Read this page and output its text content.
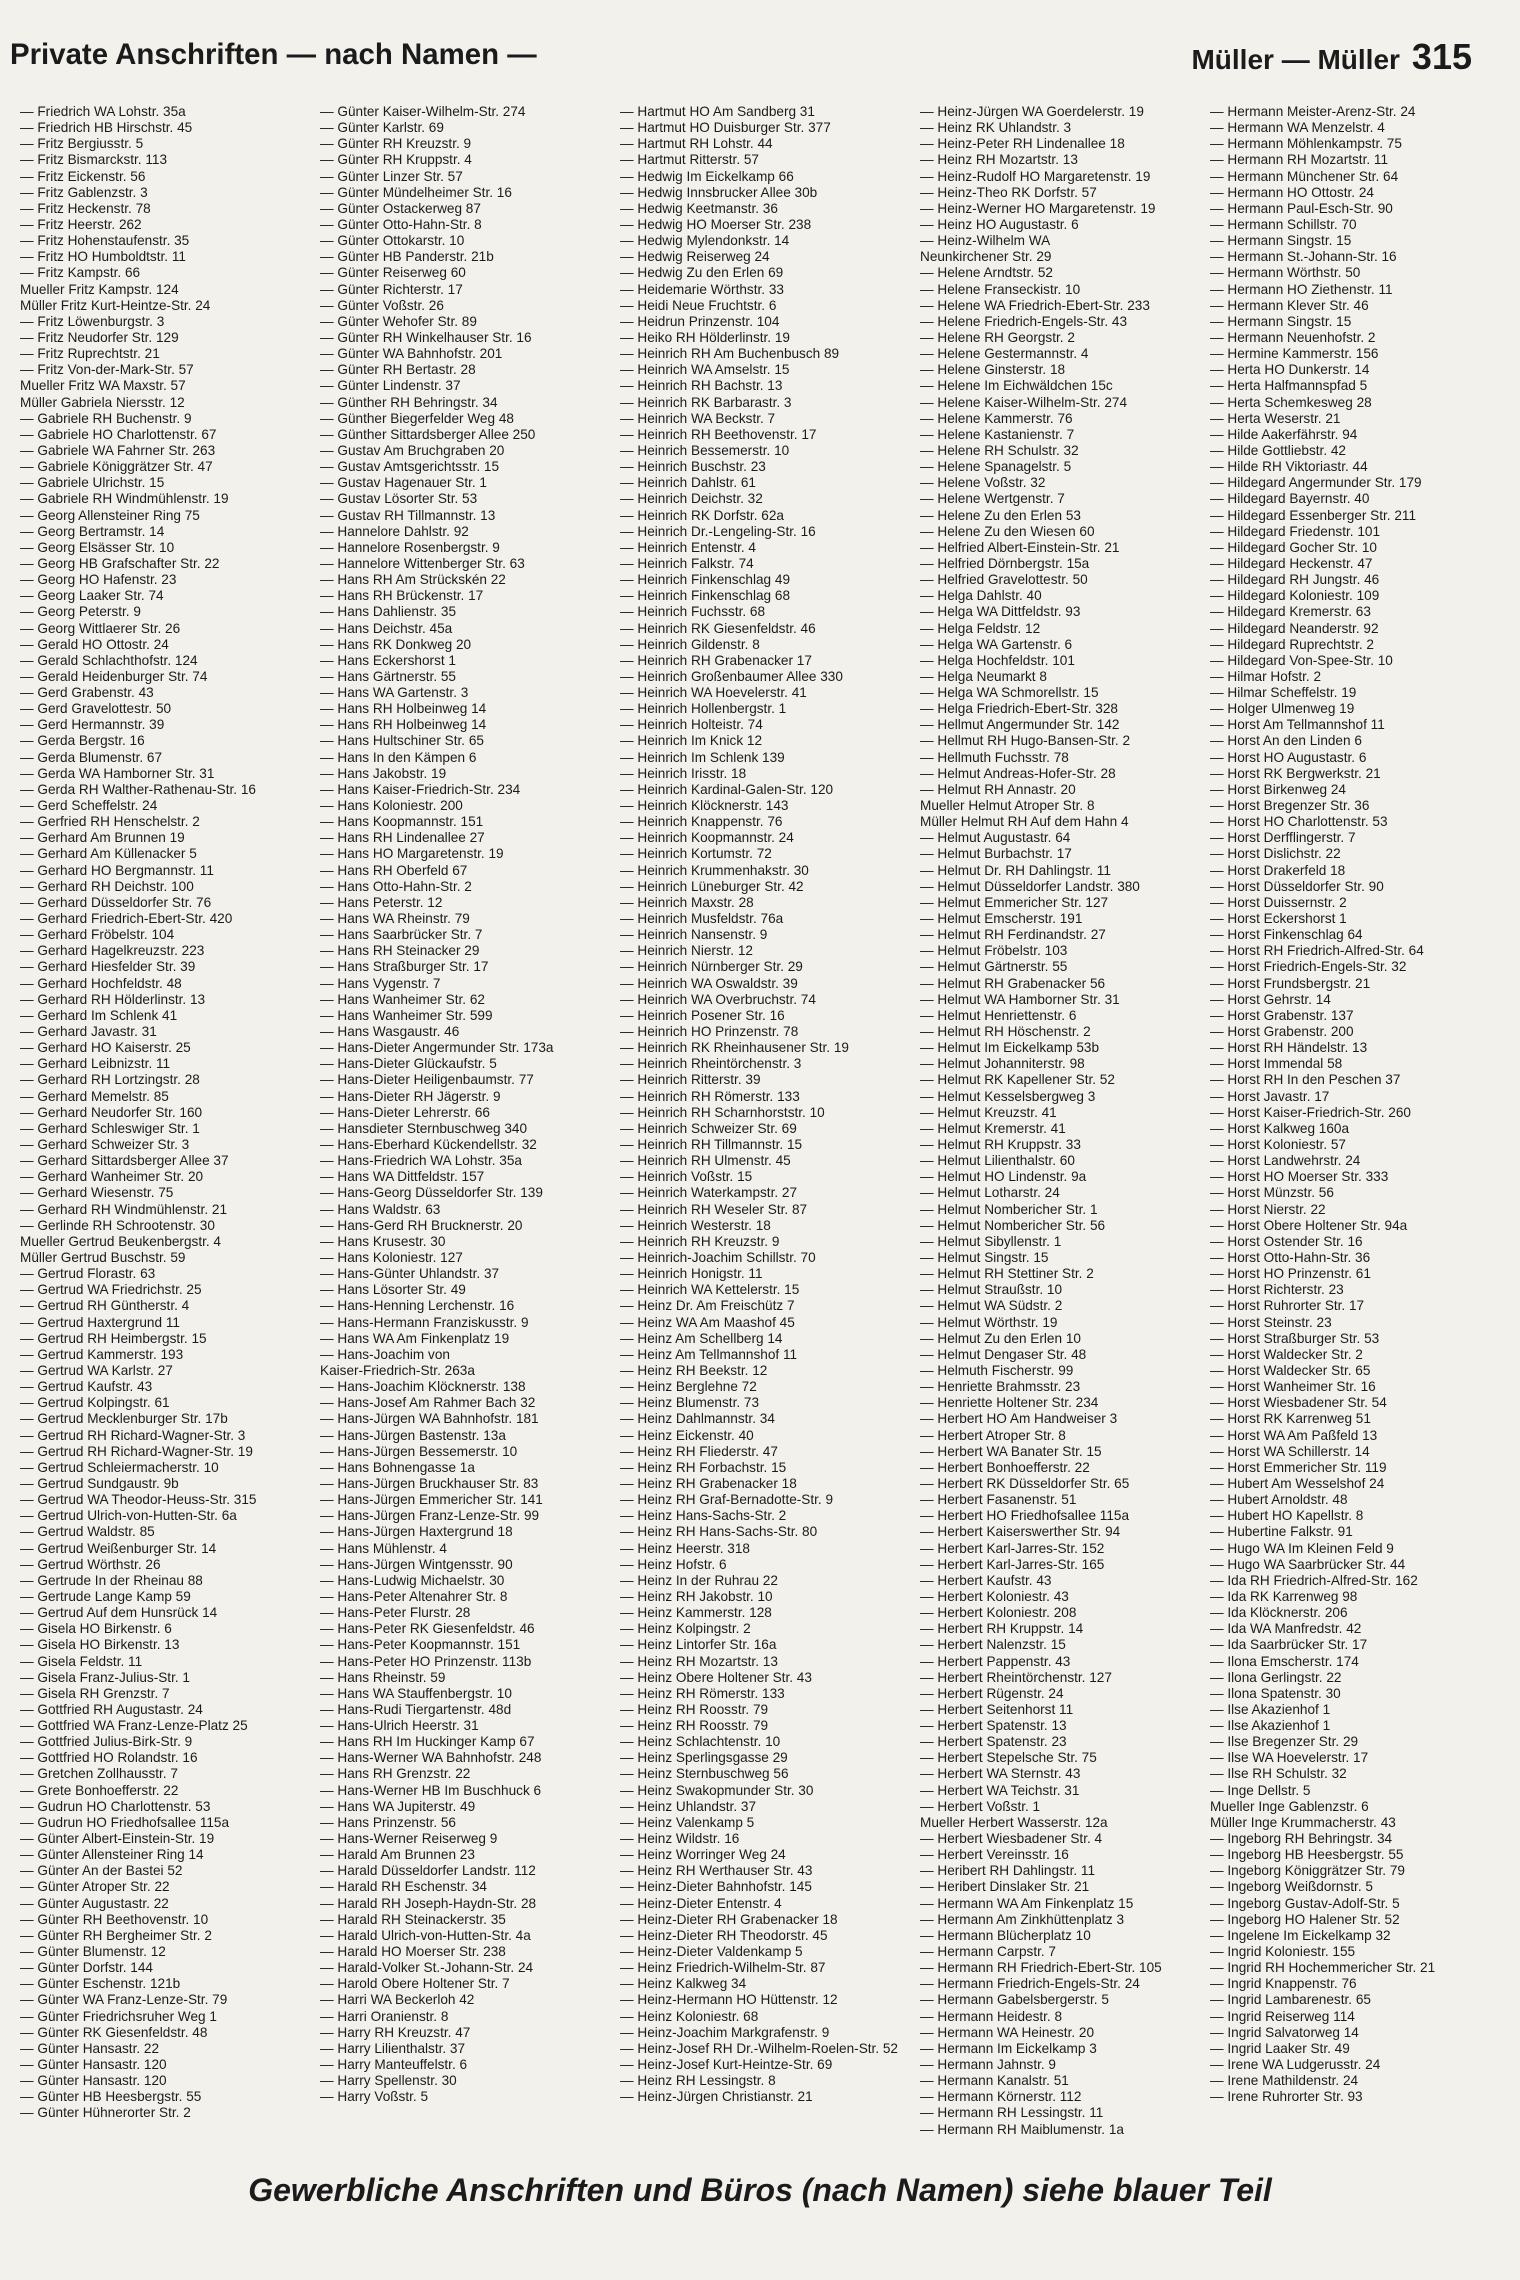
Private Anschriften — nach Namen —	Müller — Müller 315
— Friedrich WA Lohstr. 35a
— Friedrich HB Hirschstr. 45
— Fritz Bergiusstr. 5
— Fritz Bismarckstr. 113
— Fritz Eickenstr. 56
— Fritz Gablenzstr. 3
— Fritz Heckenstr. 78
— Fritz Heerstr. 262
— Fritz Hohenstaufenstr. 35
— Fritz HO Humboldtstr. 11
— Fritz Kampstr. 66
Mueller Fritz Kampstr. 124
Müller Fritz Kurt-Heintze-Str. 24
— Fritz Löwenburgstr. 3
— Fritz Neudorfer Str. 129
— Fritz Ruprechtstr. 21
— Fritz Von-der-Mark-Str. 57
Mueller Fritz WA Maxstr. 57
Müller Gabriela Niersstr. 12
— Gabriele RH Buchenstr. 9
— Gabriele HO Charlottenstr. 67
— Gabriele WA Fahrner Str. 263
— Gabriele Königgrätzer Str. 47
— Gabriele Ulrichstr. 15
— Gabriele RH Windmühlenstr. 19
— Georg Allensteiner Ring 75
— Georg Bertramstr. 14
— Georg Elsässer Str. 10
— Georg HB Grafschafter Str. 22
— Georg HO Hafenstr. 23
— Georg Laaker Str. 74
— Georg Peterstr. 9
— Georg Wittlaerer Str. 26
— Gerald HO Ottostr. 24
— Gerald Schlachthofstr. 124
— Gerald Heidenburger Str. 74
— Gerd Grabenstr. 43
— Gerd Gravelottestr. 50
— Gerd Hermannstr. 39
— Gerda Bergstr. 16
— Gerda Blumenstr. 67
— Gerda WA Hamborner Str. 31
— Gerda RH Walther-Rathenau-Str. 16
— Gerd Scheffelstr. 24
— Gerfried RH Henschelstr. 2
— Gerhard Am Brunnen 19
— Gerhard Am Küllenacker 5
— Gerhard HO Bergmannstr. 11
— Gerhard RH Deichstr. 100
— Gerhard Düsseldorfer Str. 76
— Gerhard Friedrich-Ebert-Str. 420
— Gerhard Fröbelstr. 104
— Gerhard Hagelkreuzstr. 223
— Gerhard Hiesfelder Str. 39
— Gerhard Hochfeldstr. 48
— Gerhard RH Hölderlinstr. 13
— Gerhard Im Schlenk 41
— Gerhard Javastr. 31
— Gerhard HO Kaiserstr. 25
— Gerhard Leibnizstr. 11
— Gerhard RH Lortzingstr. 28
— Gerhard Memelstr. 85
— Gerhard Neudorfer Str. 160
— Gerhard Schleswiger Str. 1
— Gerhard Schweizer Str. 3
— Gerhard Sittardsberger Allee 37
— Gerhard Wanheimer Str. 20
— Gerhard Wiesenstr. 75
— Gerhard RH Windmühlenstr. 21
— Gerlinde RH Schrootenstr. 30
Mueller Gertrud Beukenbergstr. 4
Müller Gertrud Buschstr. 59
— Gertrud Florastr. 63
— Gertrud WA Friedrichstr. 25
— Gertrud RH Güntherstr. 4
— Gertrud Haxtergrund 11
— Gertrud RH Heimbergstr. 15
— Gertrud Kammerstr. 193
— Gertrud WA Karlstr. 27
— Gertrud Kaufstr. 43
— Gertrud Kolpingstr. 61
— Gertrud Mecklenburger Str. 17b
— Gertrud RH Richard-Wagner-Str. 3
— Gertrud RH Richard-Wagner-Str. 19
— Gertrud Schleiermacherstr. 10
— Gertrud Sundgaustr. 9b
— Gertrud WA Theodor-Heuss-Str. 315
— Gertrud Ulrich-von-Hutten-Str. 6a
— Gertrud Waldstr. 85
— Gertrud Weißenburger Str. 14
— Gertrud Wörthstr. 26
— Gertrude In der Rheinau 88
— Gertrude Lange Kamp 59
— Gertrud Auf dem Hunsrück 14
— Gisela HO Birkenstr. 6
— Gisela HO Birkenstr. 13
— Gisela Feldstr. 11
— Gisela Franz-Julius-Str. 1
— Gisela RH Grenzstr. 7
— Gottfried RH Augustastr. 24
— Gottfried WA Franz-Lenze-Platz 25
— Gottfried Julius-Birk-Str. 9
— Gottfried HO Rolandstr. 16
— Gretchen Zollhausstr. 7
— Grete Bonhoefferstr. 22
— Gudrun HO Charlottenstr. 53
— Gudrun HO Friedhofsallee 115a
— Günter Albert-Einstein-Str. 19
— Günter Allensteiner Ring 14
— Günter An der Bastei 52
— Günter Atroper Str. 22
— Günter Augustastr. 22
— Günter RH Beethovenstr. 10
— Günter RH Bergheimer Str. 2
— Günter Blumenstr. 12
— Günter Dorfstr. 144
— Günter Eschenstr. 121b
— Günter WA Franz-Lenze-Str. 79
— Günter Friedrichsruher Weg 1
— Günter RK Giesenfeldstr. 48
— Günter Hansastr. 22
— Günter Hansastr. 120
— Günter Hansastr. 120
— Günter HB Heesbergstr. 55
— Günter Hühnerorter Str. 2
— Günter Kaiser-Wilhelm-Str. 274
— Günter Karlstr. 69
— Günter RH Kreuzstr. 9
— Günter RH Kruppstr. 4
— Günter Linzer Str. 57
— Günter Mündelheimer Str. 16
— Günter Ostackerweg 87
— Günter Otto-Hahn-Str. 8
— Günter Ottokarstr. 10
— Günter HB Panderstr. 21b
— Günter Reiserweg 60
— Günter Richterstr. 17
— Günter Voßstr. 26
— Günter Wehofer Str. 89
— Günter RH Winkelhauser Str. 16
— Günter WA Bahnhofstr. 201
— Günter RH Bertastr. 28
— Günter Lindenstr. 37
— Günther RH Behringstr. 34
— Günther Biegerfelder Weg 48
— Günther Sittardsberger Allee 250
— Gustav Am Bruchgraben 20
— Gustav Amtsgerichtsstr. 15
— Gustav Hagenauer Str. 1
— Gustav Lösorter Str. 53
— Gustav RH Tillmannstr. 13
— Hannelore Dahlstr. 92
— Hannelore Rosenbergstr. 9
— Hannelore Wittenberger Str. 63
— Hans RH Am Strückskén 22
— Hans RH Brückenstr. 17
— Hans Dahlienstr. 35
— Hans Deichstr. 45a
— Hans RK Donkweg 20
— Hans Eckershorst 1
— Hans Gärtnerstr. 55
— Hans WA Gartenstr. 3
— Hans RH Holbeinweg 14
— Hans RH Holbeinweg 14
— Hans Hultschiner Str. 65
— Hans In den Kämpen 6
— Hans Jakobstr. 19
— Hans Kaiser-Friedrich-Str. 234
— Hans Koloniestr. 200
— Hans Koopmannstr. 151
— Hans RH Lindenallee 27
— Hans HO Margaretenstr. 19
— Hans RH Oberfeld 67
— Hans Otto-Hahn-Str. 2
— Hans Peterstr. 12
— Hans WA Rheinstr. 79
— Hans Saarbrücker Str. 7
— Hans RH Steinacker 29
— Hans Straßburger Str. 17
— Hans Vygenstr. 7
— Hans Wanheimer Str. 62
— Hans Wanheimer Str. 599
— Hans Wasgaustr. 46
— Hans-Dieter Angermunder Str. 173a
— Hans-Dieter Glückaufstr. 5
— Hans-Dieter Heiligenbaumstr. 77
— Hans-Dieter RH Jägerstr. 9
— Hans-Dieter Lehrerstr. 66
— Hansdieter Sternbuschweg 340
— Hans-Eberhard Kückendellstr. 32
— Hans-Friedrich WA Lohstr. 35a
— Hans WA Dittfeldstr. 157
— Hans-Georg Düsseldorfer Str. 139
— Hans Waldstr. 63
— Hans-Gerd RH Brucknerstr. 20
— Hans Krusestr. 30
— Hans Koloniestr. 127
— Hans-Günter Uhlandstr. 37
— Hans Lösorter Str. 49
— Hans-Henning Lerchenstr. 16
— Hans-Hermann Franziskusstr. 9
— Hans WA Am Finkenplatz 19
— Hans-Joachim von
Kaiser-Friedrich-Str. 263a
— Hans-Joachim Klöcknerstr. 138
— Hans-Josef Am Rahmer Bach 32
— Hans-Jürgen WA Bahnhofstr. 181
— Hans-Jürgen Bastenstr. 13a
— Hans-Jürgen Bessemerstr. 10
— Hans Bohnengasse 1a
— Hans-Jürgen Bruckhauser Str. 83
— Hans-Jürgen Emmericher Str. 141
— Hans-Jürgen Franz-Lenze-Str. 99
— Hans-Jürgen Haxtergrund 18
— Hans Mühlenstr. 4
— Hans-Jürgen Wintgensstr. 90
— Hans-Ludwig Michaelstr. 30
— Hans-Peter Altenahrer Str. 8
— Hans-Peter Flurstr. 28
— Hans-Peter RK Giesenfeldstr. 46
— Hans-Peter Koopmannstr. 151
— Hans-Peter HO Prinzenstr. 113b
— Hans Rheinstr. 59
— Hans WA Stauffenbergstr. 10
— Hans-Rudi Tiergartenstr. 48d
— Hans-Ulrich Heerstr. 31
— Hans RH Im Huckinger Kamp 67
— Hans-Werner WA Bahnhofstr. 248
— Hans RH Grenzstr. 22
— Hans-Werner HB Im Buschhuck 6
— Hans WA Jupiterstr. 49
— Hans Prinzenstr. 56
— Hans-Werner Reiserweg 9
— Harald Am Brunnen 23
— Harald Düsseldorfer Landstr. 112
— Harald RH Eschenstr. 34
— Harald RH Joseph-Haydn-Str. 28
— Harald RH Steinackerstr. 35
— Harald Ulrich-von-Hutten-Str. 4a
— Harald HO Moerser Str. 238
— Harald-Volker St.-Johann-Str. 24
— Harold Obere Holtener Str. 7
— Harri WA Beckerloh 42
— Harri Oranienstr. 8
— Harry RH Kreuzstr. 47
— Harry Lilienthalstr. 37
— Harry Manteuffelstr. 6
— Harry Spellenstr. 30
— Harry Voßstr. 5
— Hartmut HO Am Sandberg 31
— Hartmut HO Duisburger Str. 377
— Hartmut RH Lohstr. 44
— Hartmut Ritterstr. 57
— Hedwig Im Eickelkamp 66
— Hedwig Innsbrucker Allee 30b
— Hedwig Keetmanstr. 36
— Hedwig HO Moerser Str. 238
— Hedwig Mylendonkstr. 14
— Hedwig Reiserweg 24
— Hedwig Zu den Erlen 69
— Heidemarie Wörthstr. 33
— Heidi Neue Fruchtstr. 6
— Heidrun Prinzenstr. 104
— Heiko RH Hölderlinstr. 19
— Heinrich RH Am Buchenbusch 89
— Heinrich WA Amselstr. 15
— Heinrich RH Bachstr. 13
— Heinrich RK Barbarastr. 3
— Heinrich WA Beckstr. 7
— Heinrich RH Beethovenstr. 17
— Heinrich Bessemerstr. 10
— Heinrich Buschstr. 23
— Heinrich Dahlstr. 61
— Heinrich Deichstr. 32
— Heinrich RK Dorfstr. 62a
— Heinrich Dr.-Lengeling-Str. 16
— Heinrich Entenstr. 4
— Heinrich Falkstr. 74
— Heinrich Finkenschlag 49
— Heinrich Finkenschlag 68
— Heinrich Fuchsstr. 68
— Heinrich RK Giesenfeldstr. 46
— Heinrich Gildenstr. 8
— Heinrich RH Grabenacker 17
— Heinrich Großenbaumer Allee 330
— Heinrich WA Hoevelerstr. 41
— Heinrich Hollenbergstr. 1
— Heinrich Holteistr. 74
— Heinrich Im Knick 12
— Heinrich Im Schlenk 139
— Heinrich Irisstr. 18
— Heinrich Kardinal-Galen-Str. 120
— Heinrich Klöcknerstr. 143
— Heinrich Knappenstr. 76
— Heinrich Koopmannstr. 24
— Heinrich Kortumstr. 72
— Heinrich Krummenhakstr. 30
— Heinrich Lüneburger Str. 42
— Heinrich Maxstr. 28
— Heinrich Musfeldstr. 76a
— Heinrich Nansenstr. 9
— Heinrich Nierstr. 12
— Heinrich Nürnberger Str. 29
— Heinrich WA Oswaldstr. 39
— Heinrich WA Overbruchstr. 74
— Heinrich Posener Str. 16
— Heinrich HO Prinzenstr. 78
— Heinrich RK Rheinhausener Str. 19
— Heinrich Rheintörchenstr. 3
— Heinrich Ritterstr. 39
— Heinrich RH Römerstr. 133
— Heinrich RH Scharnhorststr. 10
— Heinrich Schweizer Str. 69
— Heinrich RH Tillmannstr. 15
— Heinrich RH Ulmenstr. 45
— Heinrich Voßstr. 15
— Heinrich Waterkampstr. 27
— Heinrich RH Weseler Str. 87
— Heinrich Westerstr. 18
— Heinrich RH Kreuzstr. 9
— Heinrich-Joachim Schillstr. 70
— Heinrich Honigstr. 11
— Heinrich WA Kettelerstr. 15
— Heinz Dr. Am Freischütz 7
— Heinz WA Am Maashof 45
— Heinz Am Schellberg 14
— Heinz Am Tellmannshof 11
— Heinz RH Beekstr. 12
— Heinz Berglehne 72
— Heinz Blumenstr. 73
— Heinz Dahlmannstr. 34
— Heinz Eickenstr. 40
— Heinz RH Fliederstr. 47
— Heinz RH Forbachstr. 15
— Heinz RH Grabenacker 18
— Heinz RH Graf-Bernadotte-Str. 9
— Heinz Hans-Sachs-Str. 2
— Heinz RH Hans-Sachs-Str. 80
— Heinz Heerstr. 318
— Heinz Hofstr. 6
— Heinz In der Ruhrau 22
— Heinz RH Jakobstr. 10
— Heinz Kammerstr. 128
— Heinz Kolpingstr. 2
— Heinz Lintorfer Str. 16a
— Heinz RH Mozartstr. 13
— Heinz Obere Holtener Str. 43
— Heinz RH Römerstr. 133
— Heinz RH Roosstr. 79
— Heinz RH Roosstr. 79
— Heinz Schlachtenstr. 10
— Heinz Sperlingsgasse 29
— Heinz Sternbuschweg 56
— Heinz Swakopmunder Str. 30
— Heinz Uhlandstr. 37
— Heinz Valenkamp 5
— Heinz Wildstr. 16
— Heinz Worringer Weg 24
— Heinz RH Werthauser Str. 43
— Heinz-Dieter Bahnhofstr. 145
— Heinz-Dieter Entenstr. 4
— Heinz-Dieter RH Grabenacker 18
— Heinz-Dieter RH Theodorstr. 45
— Heinz-Dieter Valdenkamp 5
— Heinz Friedrich-Wilhelm-Str. 87
— Heinz Kalkweg 34
— Heinz-Hermann HO Hüttenstr. 12
— Heinz Koloniestr. 68
— Heinz-Joachim Markgrafenstr. 9
— Heinz-Josef RH Dr.-Wilhelm-Roelen-Str. 52
— Heinz-Josef Kurt-Heintze-Str. 69
— Heinz RH Lessingstr. 8
— Heinz-Jürgen Christianstr. 21
— Heinz-Jürgen WA Goerdelerstr. 19
— Heinz RK Uhlandstr. 3
— Heinz-Peter RH Lindenallee 18
— Heinz RH Mozartstr. 13
— Heinz-Rudolf HO Margaretenstr. 19
— Heinz-Theo RK Dorfstr. 57
— Heinz-Werner HO Margaretenstr. 19
— Heinz HO Augustastr. 6
— Heinz-Wilhelm WA
Neunkirchener Str. 29
— Helene Arndtstr. 52
— Helene Franseckistr. 10
— Helene WA Friedrich-Ebert-Str. 233
— Helene Friedrich-Engels-Str. 43
— Helene RH Georgstr. 2
— Helene Gestermannstr. 4
— Helene Ginsterstr. 18
— Helene Im Eichwäldchen 15c
— Helene Kaiser-Wilhelm-Str. 274
— Helene Kammerstr. 76
— Helene Kastanienstr. 7
— Helene RH Schulstr. 32
— Helene Spanagelstr. 5
— Helene Voßstr. 32
— Helene Wertgenstr. 7
— Helene Zu den Erlen 53
— Helene Zu den Wiesen 60
— Helfried Albert-Einstein-Str. 21
— Helfried Dörnbergstr. 15a
— Helfried Gravelottestr. 50
— Helga Dahlstr. 40
— Helga WA Dittfeldstr. 93
— Helga Feldstr. 12
— Helga WA Gartenstr. 6
— Helga Hochfeldstr. 101
— Helga Neumarkt 8
— Helga WA Schmorellstr. 15
— Helga Friedrich-Ebert-Str. 328
— Hellmut Angermunder Str. 142
— Hellmut RH Hugo-Bansen-Str. 2
— Hellmuth Fuchsstr. 78
— Helmut Andreas-Hofer-Str. 28
— Helmut RH Annastr. 20
Mueller Helmut Atroper Str. 8
Müller Helmut RH Auf dem Hahn 4
— Helmut Augustastr. 64
— Helmut Burbachstr. 17
— Helmut Dr. RH Dahlingstr. 11
— Helmut Düsseldorfer Landstr. 380
— Helmut Emmericher Str. 127
— Helmut Emscherstr. 191
— Helmut RH Ferdinandstr. 27
— Helmut Fröbelstr. 103
— Helmut Gärtnerstr. 55
— Helmut RH Grabenacker 56
— Helmut WA Hamborner Str. 31
— Helmut Henriettenstr. 6
— Helmut RH Höschenstr. 2
— Helmut Im Eickelkamp 53b
— Helmut Johanniterstr. 98
— Helmut RK Kapellener Str. 52
— Helmut Kesselsbergweg 3
— Helmut Kreuzstr. 41
— Helmut Kremerstr. 41
— Helmut RH Kruppstr. 33
— Helmut Lilienthalstr. 60
— Helmut HO Lindenstr. 9a
— Helmut Lotharstr. 24
— Helmut Nombericher Str. 1
— Helmut Nombericher Str. 56
— Helmut Sibyllenstr. 1
— Helmut Singstr. 15
— Helmut RH Stettiner Str. 2
— Helmut Straußstr. 10
— Helmut WA Südstr. 2
— Helmut Wörthstr. 19
— Helmut Zu den Erlen 10
— Helmut Dengaser Str. 48
— Helmuth Fischerstr. 99
— Henriette Brahmsstr. 23
— Henriette Holtener Str. 234
— Herbert HO Am Handweiser 3
— Herbert Atroper Str. 8
— Herbert WA Banater Str. 15
— Herbert Bonhoefferstr. 22
— Herbert RK Düsseldorfer Str. 65
— Herbert Fasanenstr. 51
— Herbert HO Friedhofsallee 115a
— Herbert Kaiserswerther Str. 94
— Herbert Karl-Jarres-Str. 152
— Herbert Karl-Jarres-Str. 165
— Herbert Kaufstr. 43
— Herbert Koloniestr. 43
— Herbert Koloniestr. 208
— Herbert RH Kruppstr. 14
— Herbert Nalenzstr. 15
— Herbert Pappenstr. 43
— Herbert Rheintörchenstr. 127
— Herbert Rügenstr. 24
— Herbert Seitenhorst 11
— Herbert Spatenstr. 13
— Herbert Spatenstr. 23
— Herbert Stepelsche Str. 75
— Herbert WA Sternstr. 43
— Herbert WA Teichstr. 31
— Herbert Voßstr. 1
Mueller Herbert Wasserstr. 12a
— Herbert Wiesbadener Str. 4
— Herbert Vereinsstr. 16
— Heribert RH Dahlingstr. 11
— Heribert Dinslaker Str. 21
— Hermann WA Am Finkenplatz 15
— Hermann Am Zinkhüttenplatz 3
— Hermann Blücherplatz 10
— Hermann Carpstr. 7
— Hermann RH Friedrich-Ebert-Str. 105
— Hermann Friedrich-Engels-Str. 24
— Hermann Gabelsbergerstr. 5
— Hermann Heidestr. 8
— Hermann WA Heinestr. 20
— Hermann Im Eickelkamp 3
— Hermann Jahnstr. 9
— Hermann Kanalstr. 51
— Hermann Körnerstr. 112
— Hermann RH Lessingstr. 11
— Hermann RH Maiblumenstr. 1a
— Hermann Meister-Arenz-Str. 24
— Hermann WA Menzelstr. 4
— Hermann Möhlenkampstr. 75
— Hermann RH Mozartstr. 11
— Hermann Münchener Str. 64
— Hermann HO Ottostr. 24
— Hermann Paul-Esch-Str. 90
— Hermann Schillstr. 70
— Hermann Singstr. 15
— Hermann St.-Johann-Str. 16
— Hermann Wörthstr. 50
— Hermann HO Ziethenstr. 11
— Hermann Klever Str. 46
— Hermann Singstr. 15
— Hermann Neuenhofstr. 2
— Hermine Kammerstr. 156
— Herta HO Dunkerstr. 14
— Herta Halfmannspfad 5
— Herta Schemkesweg 28
— Herta Weserstr. 21
— Hilde Aakerfährstr. 94
— Hilde Gottliebstr. 42
— Hilde RH Viktoriastr. 44
— Hildegard Angermunder Str. 179
— Hildegard Bayernstr. 40
— Hildegard Essenberger Str. 211
— Hildegard Friedenstr. 101
— Hildegard Gocher Str. 10
— Hildegard Heckenstr. 47
— Hildegard RH Jungstr. 46
— Hildegard Koloniestr. 109
— Hildegard Kremerstr. 63
— Hildegard Neanderstr. 92
— Hildegard Ruprechtstr. 2
— Hildegard Von-Spee-Str. 10
— Hilmar Hofstr. 2
— Hilmar Scheffelstr. 19
— Holger Ulmenweg 19
— Horst Am Tellmannshof 11
— Horst An den Linden 6
— Horst HO Augustastr. 6
— Horst RK Bergwerkstr. 21
— Horst Birkenweg 24
— Horst Bregenzer Str. 36
— Horst HO Charlottenstr. 53
— Horst Derfflingerstr. 7
— Horst Dislichstr. 22
— Horst Drakerfeld 18
— Horst Düsseldorfer Str. 90
— Horst Duissernstr. 2
— Horst Eckershorst 1
— Horst Finkenschlag 64
— Horst RH Friedrich-Alfred-Str. 64
— Horst Friedrich-Engels-Str. 32
— Horst Frundsbergstr. 21
— Horst Gehrstr. 14
— Horst Grabenstr. 137
— Horst Grabenstr. 200
— Horst RH Händelstr. 13
— Horst Immendal 58
— Horst RH In den Peschen 37
— Horst Javastr. 17
— Horst Kaiser-Friedrich-Str. 260
— Horst Kalkweg 160a
— Horst Koloniestr. 57
— Horst Landwehrstr. 24
— Horst HO Moerser Str. 333
— Horst Münzstr. 56
— Horst Nierstr. 22
— Horst Obere Holtener Str. 94a
— Horst Ostender Str. 16
— Horst Otto-Hahn-Str. 36
— Horst HO Prinzenstr. 61
— Horst Richterstr. 23
— Horst Ruhrorter Str. 17
— Horst Steinstr. 23
— Horst Straßburger Str. 53
— Horst Waldecker Str. 2
— Horst Waldecker Str. 65
— Horst Wanheimer Str. 16
— Horst Wiesbadener Str. 54
— Horst RK Karrenweg 51
— Horst WA Am Paßfeld 13
— Horst WA Schillerstr. 14
— Horst Emmericher Str. 119
— Hubert Am Wesselshof 24
— Hubert Arnoldstr. 48
— Hubert HO Kapellstr. 8
— Hubertine Falkstr. 91
— Hugo WA Im Kleinen Feld 9
— Hugo WA Saarbrücker Str. 44
— Ida RH Friedrich-Alfred-Str. 162
— Ida RK Karrenweg 98
— Ida Klöcknerstr. 206
— Ida WA Manfredstr. 42
— Ida Saarbrücker Str. 17
— Ilona Emscherstr. 174
— Ilona Gerlingstr. 22
— Ilona Spatenstr. 30
— Ilse Akazienhof 1
— Ilse Akazienhof 1
— Ilse Bregenzer Str. 29
— Ilse WA Hoevelerstr. 17
— Ilse RH Schulstr. 32
— Inge Dellstr. 5
Mueller Inge Gablenzstr. 6
Müller Inge Krummacherstr. 43
— Ingeborg RH Behringstr. 34
— Ingeborg HB Heesbergstr. 55
— Ingeborg Königgrätzer Str. 79
— Ingeborg Weißdornstr. 5
— Ingeborg Gustav-Adolf-Str. 5
— Ingeborg HO Halener Str. 52
— Ingelene Im Eickelkamp 32
— Ingrid Koloniestr. 155
— Ingrid RH Hochemmericher Str. 21
— Ingrid Knappenstr. 76
— Ingrid Lambarenestr. 65
— Ingrid Reiserweg 114
— Ingrid Salvatorweg 14
— Ingrid Laaker Str. 49
— Irene WA Ludgerusstr. 24
— Irene Mathildenstr. 24
— Irene Ruhrorter Str. 93
Gewerbliche Anschriften und Büros (nach Namen) siehe blauer Teil
